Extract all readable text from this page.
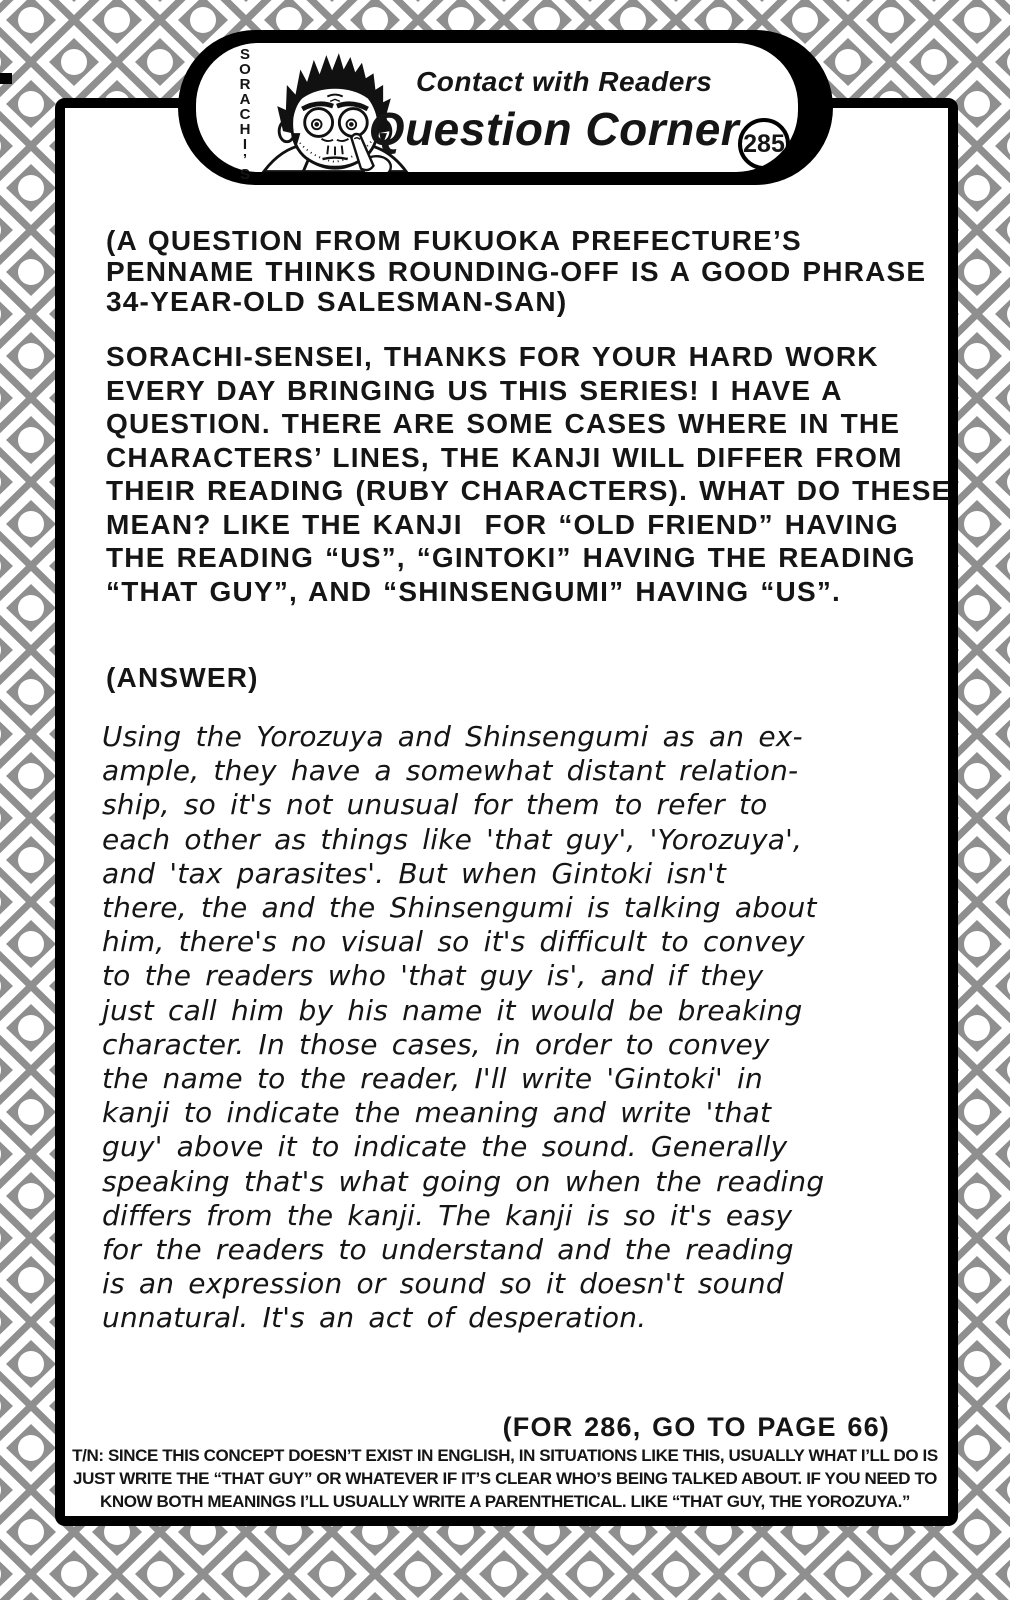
S
O
R
A
C
H
I
’
S
Contact with Readers
Question Corner 285
(A QUESTION FROM FUKUOKA PREFECTURE’S
PENNAME THINKS ROUNDING-OFF IS A GOOD PHRASE
34-YEAR-OLD SALESMAN-SAN)
SORACHI-SENSEI, THANKS FOR YOUR HARD WORK
EVERY DAY BRINGING US THIS SERIES! I HAVE A
QUESTION. THERE ARE SOME CASES WHERE IN THE
CHARACTERS’ LINES, THE KANJI WILL DIFFER FROM
THEIR READING (RUBY CHARACTERS). WHAT DO THESE
MEAN? LIKE THE KANJI  FOR “OLD FRIEND” HAVING
THE READING “US”, “GINTOKI” HAVING THE READING
“THAT GUY”, AND “SHINSENGUMI” HAVING “US”.
(ANSWER)
Using the Yorozuya and Shinsengumi as an ex-
ample, they have a somewhat distant relation-
ship, so it's not unusual for them to refer to
each other as things like 'that guy', 'Yorozuya',
and 'tax parasites'. But when Gintoki isn't
there, the and the Shinsengumi is talking about
him, there's no visual so it's difficult to convey
to the readers who 'that guy is', and if they
just call him by his name it would be breaking
character. In those cases, in order to convey
the name to the reader, I'll write 'Gintoki' in
kanji to indicate the meaning and write 'that
guy' above it to indicate the sound. Generally
speaking that's what going on when the reading
differs from the kanji. The kanji is so it's easy
for the readers to understand and the reading
is an expression or sound so it doesn't sound
unnatural. It's an act of desperation.
(FOR 286, GO TO PAGE 66)
T/N: SINCE THIS CONCEPT DOESN’T EXIST IN ENGLISH, IN SITUATIONS LIKE THIS, USUALLY WHAT I’LL DO IS
JUST WRITE THE “THAT GUY” OR WHATEVER IF IT’S CLEAR WHO’S BEING TALKED ABOUT. IF YOU NEED TO
KNOW BOTH MEANINGS I’LL USUALLY WRITE A PARENTHETICAL. LIKE “THAT GUY, THE YOROZUYA.”
